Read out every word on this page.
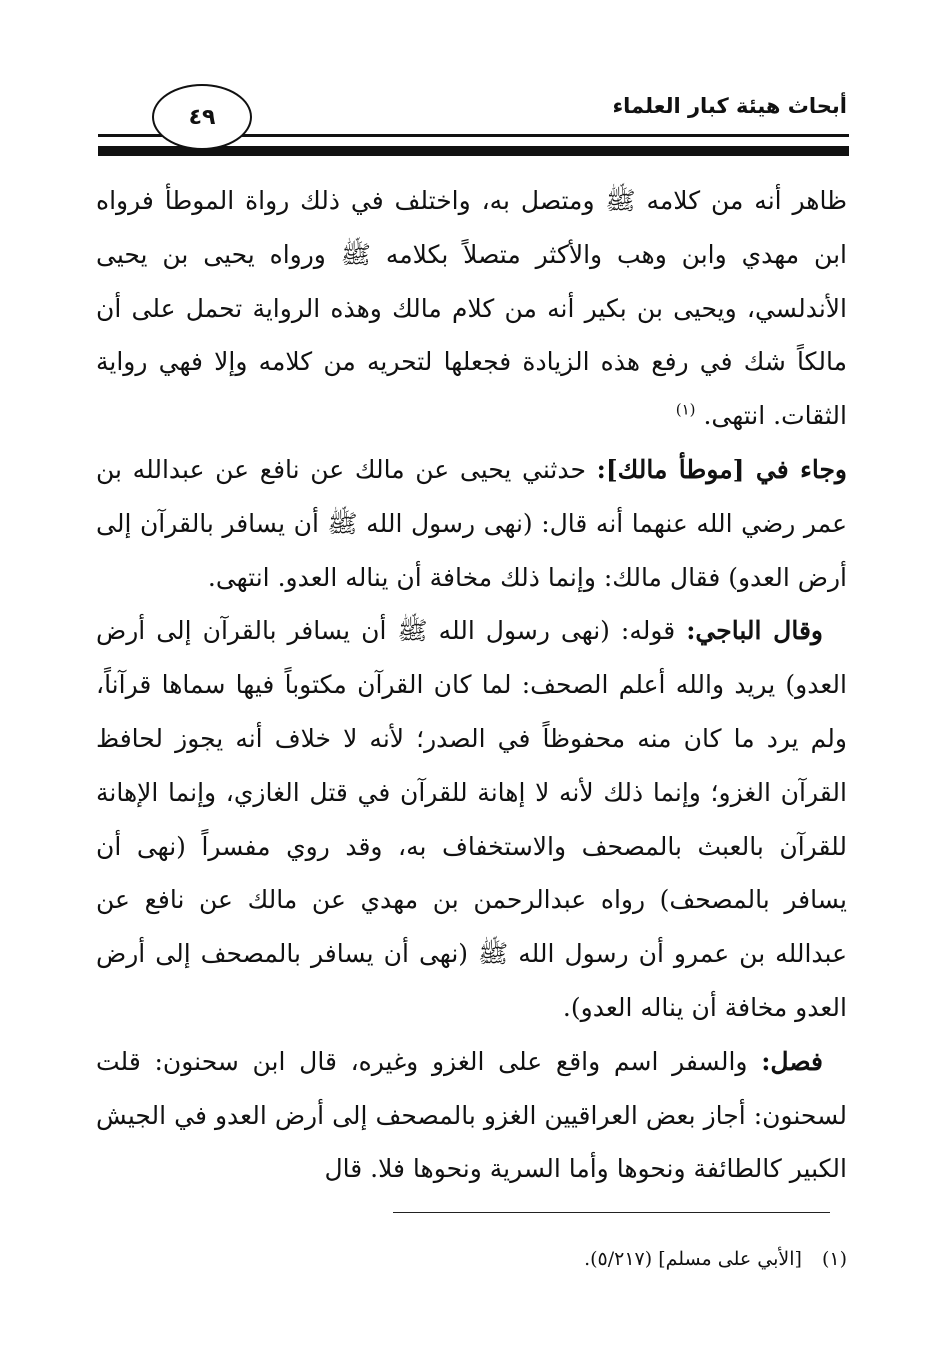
أبحاث هيئة كبار العلماء
٤٩

ظاهر أنه من كلامه ﷺ ومتصل به، واختلف في ذلك رواة الموطأ فرواه ابن مهدي وابن وهب والأكثر متصلاً بكلامه ﷺ ورواه يحيى بن يحيى الأندلسي، ويحيى بن بكير أنه من كلام مالك وهذه الرواية تحمل على أن مالكاً شك في رفع هذه الزيادة فجعلها لتحريه من كلامه وإلا فهي رواية الثقات. انتهى. $^{(١)}$

وجاء في [موطأ مالك]: حدثني يحيى عن مالك عن نافع عن عبدالله بن عمر رضي الله عنهما أنه قال: (نهى رسول الله ﷺ أن يسافر بالقرآن إلى أرض العدو) فقال مالك: وإنما ذلك مخافة أن يناله العدو. انتهى.

وقال الباجي: قوله: (نهى رسول الله ﷺ أن يسافر بالقرآن إلى أرض العدو) يريد والله أعلم الصحف: لما كان القرآن مكتوباً فيها سماها قرآناً، ولم يرد ما كان منه محفوظاً في الصدر؛ لأنه لا خلاف أنه يجوز لحافظ القرآن الغزو؛ وإنما ذلك لأنه لا إهانة للقرآن في قتل الغازي، وإنما الإهانة للقرآن بالعبث بالمصحف والاستخفاف به، وقد روي مفسراً (نهى أن يسافر بالمصحف) رواه عبدالرحمن بن مهدي عن مالك عن نافع عن عبدالله بن عمرو أن رسول الله ﷺ (نهى أن يسافر بالمصحف إلى أرض العدو مخافة أن يناله العدو).

فصل: والسفر اسم واقع على الغزو وغيره، قال ابن سحنون: قلت لسحنون: أجاز بعض العراقيين الغزو بالمصحف إلى أرض العدو في الجيش الكبير كالطائفة ونحوها وأما السرية ونحوها فلا. قال

(١) [الأبي على مسلم] (٥/٢١٧).
